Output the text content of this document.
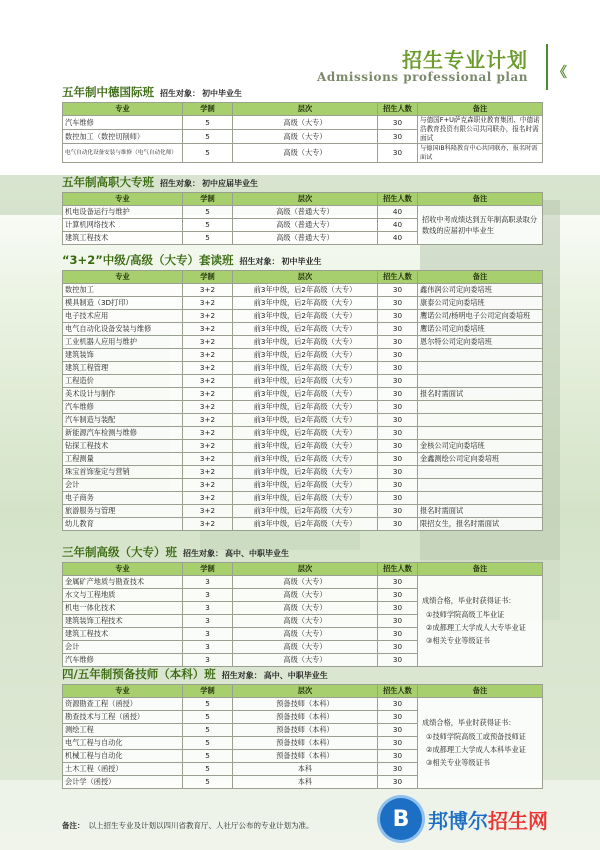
招生专业计划
Admissions professional plan 《
五年制中德国际班 招生对象： 初中毕业生
专业	学制	层次	招生人数	备注
汽车维修	5	高级（大专）	30	与德国F+U萨克森职业教育集团、中德诺浩教育投资有限公司共同联办，报名时需面试
数控加工（数控切削师）	5	高级（大专）	30	
电气自动化设备安装与维修（电气自动化师）	5	高级（大专）	30	与德国IB科隆教育中心共同联办，报名时需面试
五年制高职大专班 招生对象： 初中应届毕业生
专业	学制	层次	招生人数	备注
机电设备运行与维护	5	高级（普通大专）	40	招收中考成绩达到五年制高职录取分数线的应届初中毕业生
计算机网络技术	5	高级（普通大专）	40	
建筑工程技术	5	高级（普通大专）	40	
“3+2”中级/高级（大专）套读班 招生对象： 初中毕业生
专业	学制	层次	招生人数	备注
数控加工	3+2	前3年中级，后2年高级（大专）	30	鑫伟润公司定向委培班
模具制造（3D打印）	3+2	前3年中级，后2年高级（大专）	30	康泰公司定向委培班
电子技术应用	3+2	前3年中级，后2年高级（大专）	30	鹰诺公司/杨明电子公司定向委培班
电气自动化设备安装与维修	3+2	前3年中级，后2年高级（大专）	30	鹰诺公司定向委培班
工业机器人应用与维护	3+2	前3年中级，后2年高级（大专）	30	恩尔特公司定向委培班
建筑装饰	3+2	前3年中级，后2年高级（大专）	30	
建筑工程管理	3+2	前3年中级，后2年高级（大专）	30	
工程造价	3+2	前3年中级，后2年高级（大专）	30	
美术设计与制作	3+2	前3年中级，后2年高级（大专）	30	报名时需面试
汽车维修	3+2	前3年中级，后2年高级（大专）	30	
汽车制造与装配	3+2	前3年中级，后2年高级（大专）	30	
新能源汽车检测与维修	3+2	前3年中级，后2年高级（大专）	30	
钻探工程技术	3+2	前3年中级，后2年高级（大专）	30	金核公司定向委培班
工程测量	3+2	前3年中级，后2年高级（大专）	30	金鑫测绘公司定向委培班
珠宝首饰鉴定与营销	3+2	前3年中级，后2年高级（大专）	30	
会计	3+2	前3年中级，后2年高级（大专）	30	
电子商务	3+2	前3年中级，后2年高级（大专）	30	
旅游服务与管理	3+2	前3年中级，后2年高级（大专）	30	报名时需面试
幼儿教育	3+2	前3年中级，后2年高级（大专）	30	限招女生，报名时需面试
三年制高级（大专）班 招生对象： 高中、中职毕业生
专业	学制	层次	招生人数	备注
金属矿产地质与勘查技术	3	高级（大专）	30	成绩合格，毕业时获得证书：
①技师学院高级工毕业证
②成都理工大学成人大专毕业证
③相关专业等级证书

水文与工程地质	3	高级（大专）	30	
机电一体化技术	3	高级（大专）	30	
建筑装饰工程技术	3	高级（大专）	30	
建筑工程技术	3	高级（大专）	30	
会计	3	高级（大专）	30	
汽车维修	3	高级（大专）	30	
四/五年制预备技师（本科）班 招生对象： 高中、中职毕业生
专业	学制	层次	招生人数	备注
资源勘查工程（函授）	5	预备技师（本科）	30	成绩合格，毕业时获得证书：
①技师学院高级工或预备技师证
②成都理工大学成人本科毕业证
③相关专业等级证书

勘查技术与工程（函授）	5	预备技师（本科）	30	
测绘工程	5	预备技师（本科）	30	
电气工程与自动化	5	预备技师（本科）	30	
机械工程与自动化	5	预备技师（本科）	30	
土木工程（函授）	5	本科	30	
会计学（函授）	5	本科	30	
备注： 以上招生专业及计划以四川省教育厅、人社厅公布的专业计划为准。	B 邦博尔招生网
